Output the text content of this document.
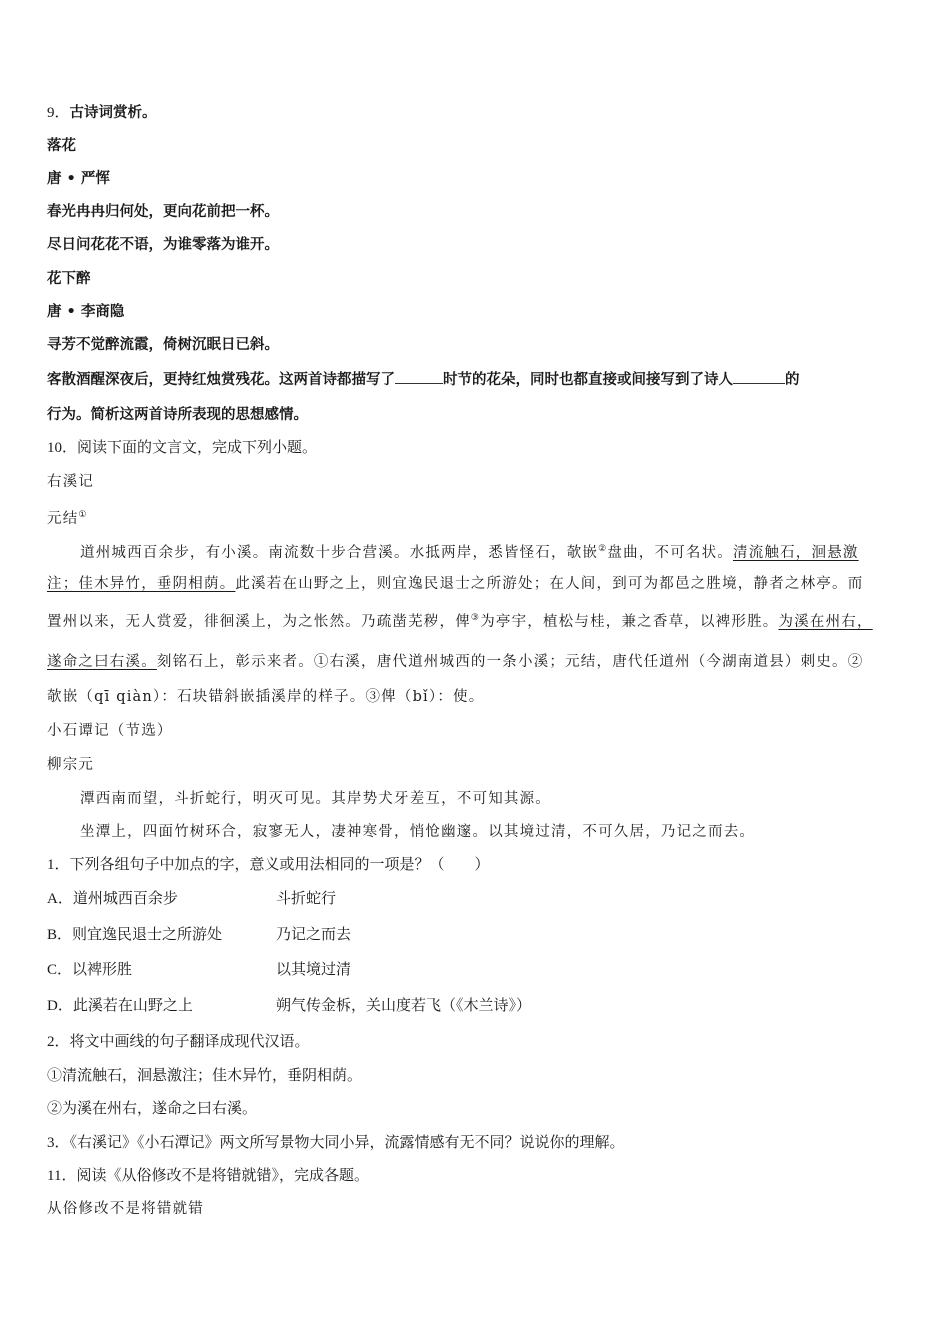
9．古诗词赏析。
落花
唐 • 严恽
春光冉冉归何处，更向花前把一杯。
尽日问花花不语，为谁零落为谁开。
花下醉
唐 • 李商隐
寻芳不觉醉流霞，倚树沉眠日已斜。
客散酒醒深夜后，更持红烛赏残花。这两首诗都描写了	时节的花朵，同时也都直接或间接写到了诗人	的
行为。简析这两首诗所表现的思想感情。
10．阅读下面的文言文，完成下列小题。
右溪记
元结①
道州城西百余步，有小溪。南流数十步合营溪。水抵两岸，悉皆怪石，欹嵌②盘曲，不可名状。清流触石，洄悬激
注；佳木异竹，垂阴相荫。此溪若在山野之上，则宜逸民退士之所游处；在人间，到可为都邑之胜境，静者之林亭。而
置州以来，无人赏爱，徘徊溪上，为之怅然。乃疏凿芜秽，俾③为亭宇，植松与桂，兼之香草，以裨形胜。为溪在州右，
遂命之曰右溪。刻铭石上，彰示来者。①右溪，唐代道州城西的一条小溪；元结，唐代任道州（今湖南道县）刺史。②
欹嵌（qī qiàn）：石块错斜嵌插溪岸的样子。③俾（bǐ）：使。
小石谭记（节选）
柳宗元
潭西南而望，斗折蛇行，明灭可见。其岸势犬牙差互，不可知其源。
坐潭上，四面竹树环合，寂寥无人，凄神寒骨，悄怆幽邃。以其境过清，不可久居，乃记之而去。
1．下列各组句子中加点的字，意义或用法相同的一项是？（　　）
A．道州城西百余步	斗折蛇行
B．则宜逸民退士之所游处	乃记之而去
C．以裨形胜	以其境过清
D．此溪若在山野之上	朔气传金柝，关山度若飞（《木兰诗》）
2．将文中画线的句子翻译成现代汉语。
①清流触石，洄悬激注；佳木异竹，垂阴相荫。
②为溪在州右，遂命之曰右溪。
3．《右溪记》《小石潭记》两文所写景物大同小异，流露情感有无不同？说说你的理解。
11．阅读《从俗修改不是将错就错》，完成各题。
从俗修改不是将错就错
